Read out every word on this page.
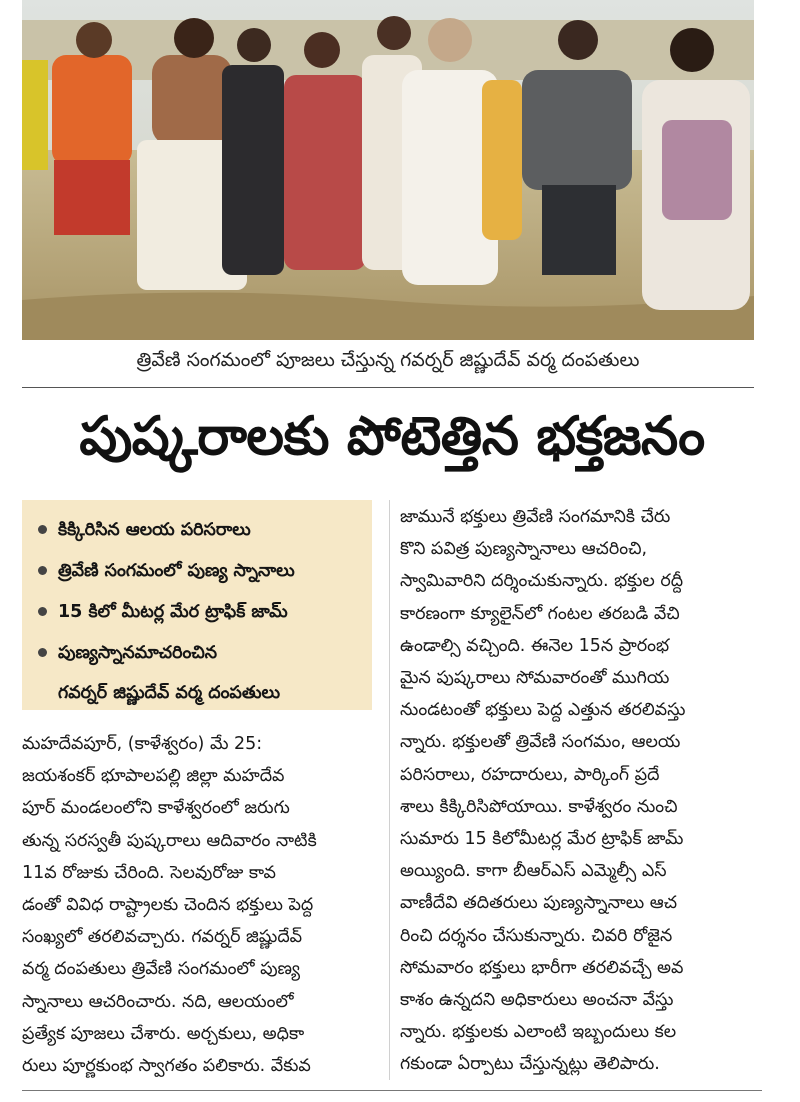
త్రివేణి సంగమంలో పూజలు చేస్తున్న గవర్నర్ జిష్ణుదేవ్ వర్మ దంపతులు
పుష్కరాలకు పోటెత్తిన భక్తజనం
కిక్కిరిసిన ఆలయ పరిసరాలు
త్రివేణి సంగమంలో పుణ్య స్నానాలు
15 కిలో మీటర్ల మేర ట్రాఫిక్ జామ్
పుణ్యస్నానమాచరించిన
గవర్నర్ జిష్ణుదేవ్ వర్మ దంపతులు
మహదేవపూర్, (కాళేశ్వరం) మే 25:
జయశంకర్ భూపాలపల్లి జిల్లా మహదేవ
పూర్ మండలంలోని కాళేశ్వరంలో జరుగు
తున్న సరస్వతీ పుష్కరాలు ఆదివారం నాటికి
11వ రోజుకు చేరింది. సెలవురోజు కావ
డంతో వివిధ రాష్ట్రాలకు చెందిన భక్తులు పెద్ద
సంఖ్యలో తరలివచ్చారు. గవర్నర్ జిష్ణుదేవ్
వర్మ దంపతులు త్రివేణి సంగమంలో పుణ్య
స్నానాలు ఆచరించారు. నది, ఆలయంలో
ప్రత్యేక పూజలు చేశారు. అర్చకులు, అధికా
రులు పూర్ణకుంభ స్వాగతం పలికారు. వేకువ
జామునే భక్తులు త్రివేణి సంగమానికి చేరు
కొని పవిత్ర పుణ్యస్నానాలు ఆచరించి,
స్వామివారిని దర్శించుకున్నారు. భక్తుల రద్దీ
కారణంగా క్యూలైన్‌లో గంటల తరబడి వేచి
ఉండాల్సి వచ్చింది. ఈనెల 15న ప్రారంభ
మైన పుష్కరాలు సోమవారంతో ముగియ
నుండటంతో భక్తులు పెద్ద ఎత్తున తరలివస్తు
న్నారు. భక్తులతో త్రివేణి సంగమం, ఆలయ
పరిసరాలు, రహదారులు, పార్కింగ్ ప్రదే
శాలు కిక్కిరిసిపోయాయి. కాళేశ్వరం నుంచి
సుమారు 15 కిలోమీటర్ల మేర ట్రాఫిక్ జామ్
అయ్యింది. కాగా బీఆర్ఎస్ ఎమ్మెల్సీ ఎస్
వాణీదేవి తదితరులు పుణ్యస్నానాలు ఆచ
రించి దర్శనం చేసుకున్నారు. చివరి రోజైన
సోమవారం భక్తులు భారీగా తరలివచ్చే అవ
కాశం ఉన్నదని అధికారులు అంచనా వేస్తు
న్నారు. భక్తులకు ఎలాంటి ఇబ్బందులు కల
గకుండా ఏర్పాటు చేస్తున్నట్లు తెలిపారు.
